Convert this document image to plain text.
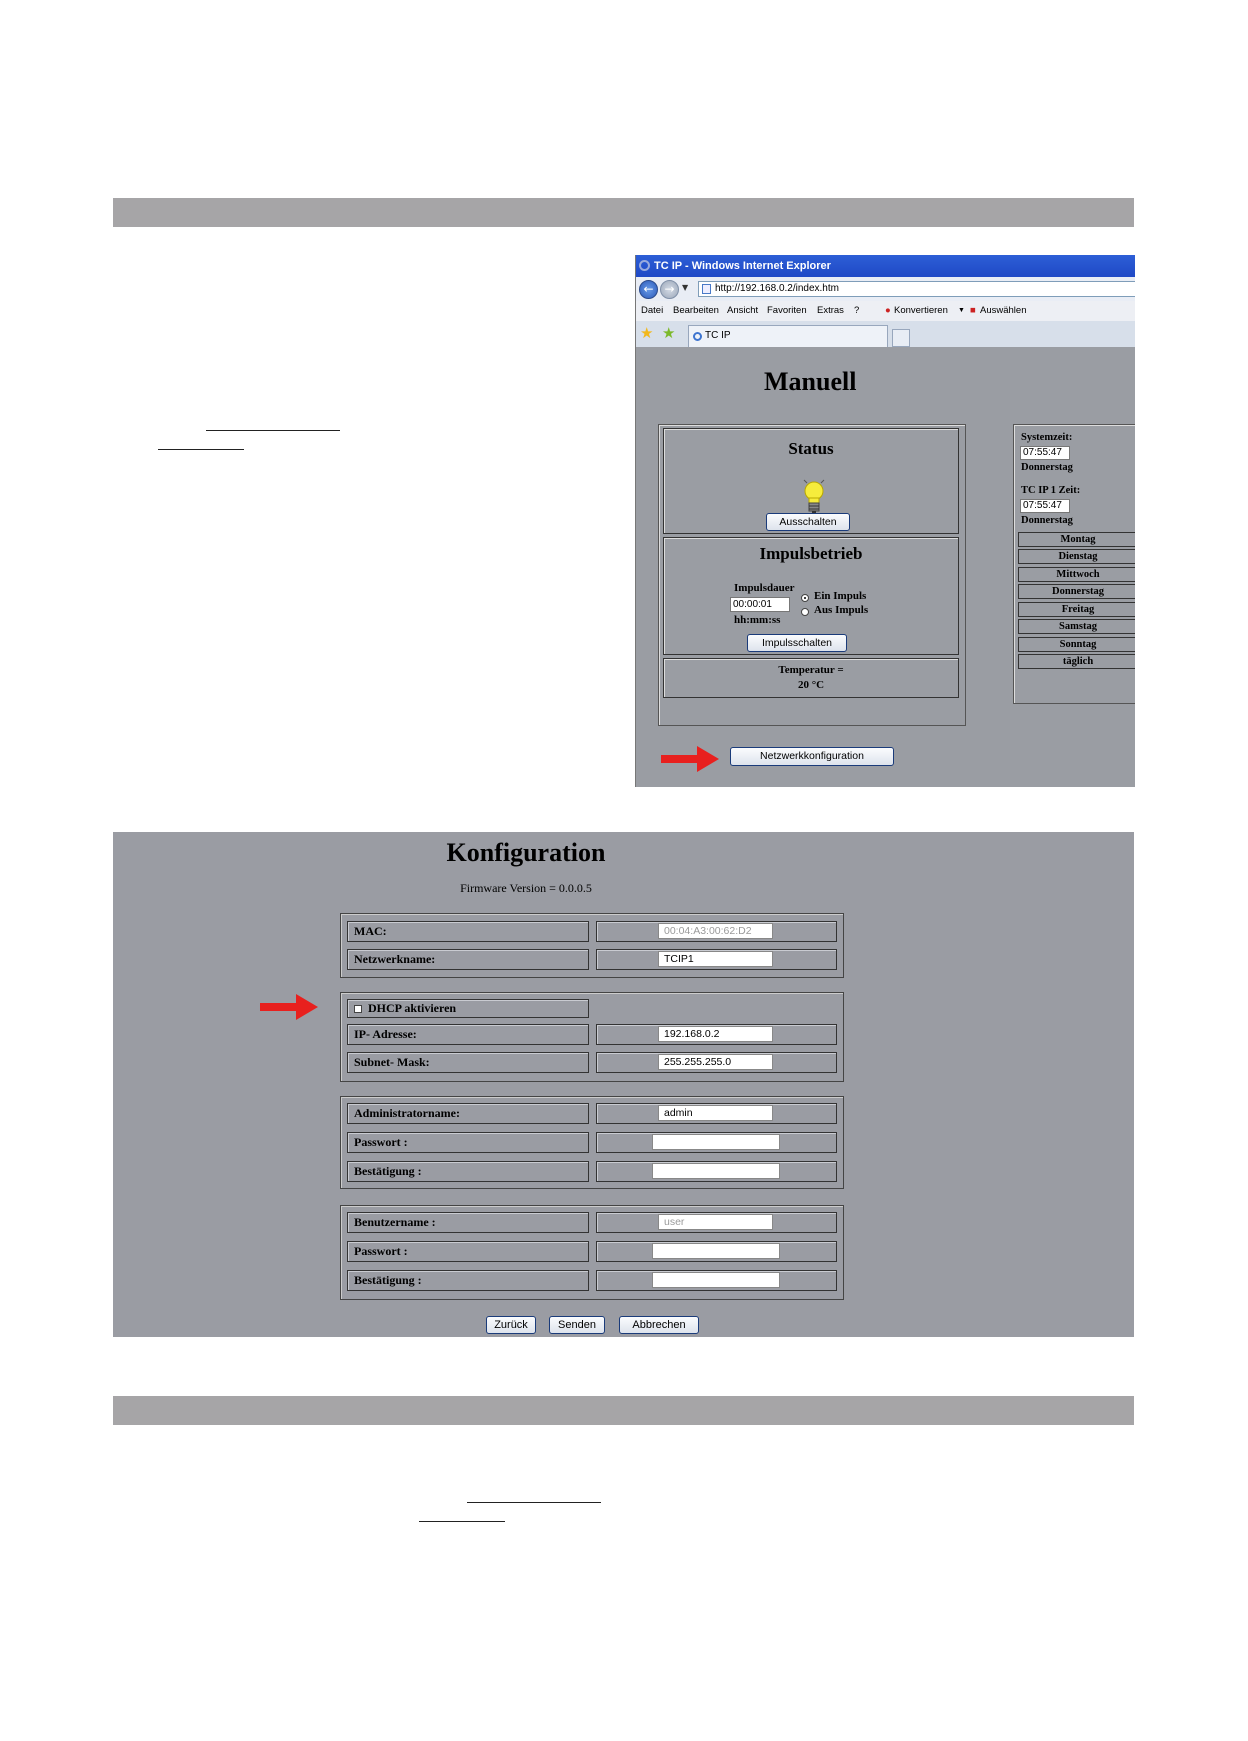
TC IP - Windows Internet Explorer
← → ▼	http://192.168.0.2/index.htm
Datei Bearbeiten Ansicht Favoriten Extras ?	● Konvertieren ▼ ■ Auswählen
★ ★	TC IP
Manuell
Status
Ausschalten
Impulsbetrieb
Impulsdauer
00:00:01
hh:mm:ss
Ein Impuls
Aus Impuls
Impulsschalten
Temperatur =
20 °C
Systemzeit:
07:55:47
Donnerstag
TC IP 1 Zeit:
07:55:47
Donnerstag
Montag
Dienstag
Mittwoch
Donnerstag
Freitag
Samstag
Sonntag
täglich
Netzwerkkonfiguration
Konfiguration
Firmware Version = 0.0.0.5
MAC:	00:04:A3:00:62:D2
Netzwerkname:	TCIP1
DHCP aktivieren
IP- Adresse:	192.168.0.2
Subnet- Mask:	255.255.255.0
Administratorname:	admin
Passwort :
Bestätigung :
Benutzername :	user
Passwort :
Bestätigung :
Zurück	Senden	Abbrechen
